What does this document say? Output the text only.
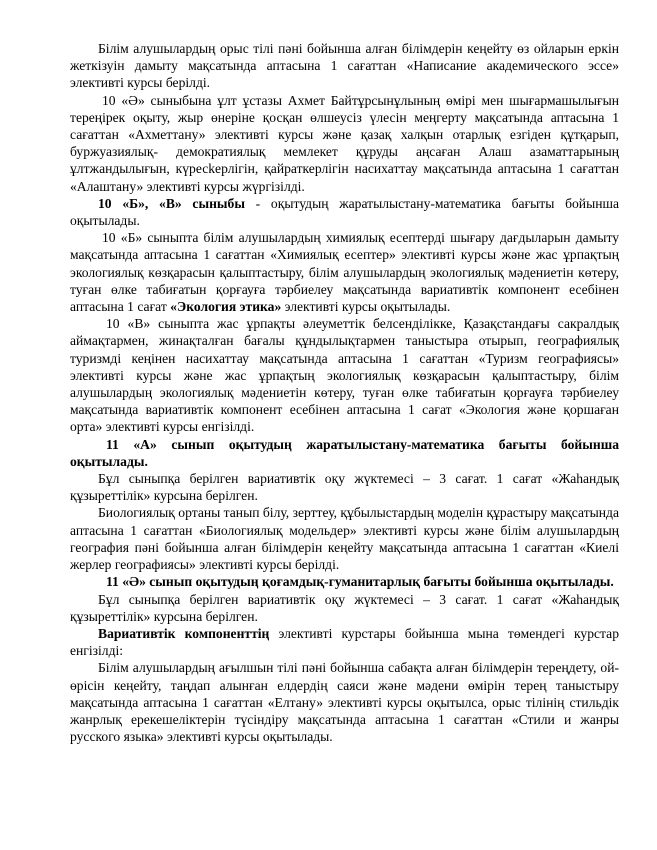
Білім алушылардың орыс тілі пәні бойынша алған білімдерін кеңейту өз ойларын еркін жеткізуін дамыту мақсатында аптасына 1 сағаттан «Написание академического эссе» элективті курсы берілді.

10 «Ә» сыныбына ұлт ұстазы Ахмет Байтұрсынұлының өмірі мен шығармашылығын тереңірек оқыту, жыр өнеріне қосқан өлшеусіз үлесін меңгерту мақсатында аптасына 1 сағаттан «Ахметтану» элективті курсы және қазақ халқын отарлық езгіден құтқарып, буржуазиялық- демократиялық мемлекет құруды аңсаған Алаш азаматтарының ұлтжандылығын, күресkерлігін, қайраткерлігін насихаттау мақсатында аптасына 1 сағаттан «Алаштану» элективті курсы жүргізілді.

10 «Б», «В» сыныбы - оқытудың жаратылыстану-математика бағыты бойынша оқытылады.

10 «Б» сыныпта білім алушылардың химиялық есептерді шығару дағдыларын дамыту мақсатында аптасына 1 сағаттан «Химиялық есептер» элективті курсы және жас ұрпақтың экологиялық көзқарасын қалыптастыру, білім алушылардың экологиялық мәдениетін көтеру, туған өлке табиғатын қорғауға тәрбиелеу мақсатында вариативтік компонент есебінен аптасына 1 сағат «Экология этика» элективті курсы оқытылады.

10 «В» сыныпта жас ұрпақты әлеуметтік белсенділікке, Қазақстандағы сакралдық аймақтармен, жинақталған бағалы құндылықтармен таныстыра отырып, географиялық туризмді кеңінен насихаттау мақсатында аптасына 1 сағаттан «Туризм географиясы» элективті курсы және жас ұрпақтың экологиялық көзқарасын қалыптастыру, білім алушылардың экологиялық мәдениетін көтеру, туған өлке табиғатын қорғауға тәрбиелеу мақсатында вариативтік компонент есебінен аптасына 1 сағат «Экология және қоршаған орта» элективті курсы енгізілді.

11 «А» сынып оқытудың жаратылыстану-математика бағыты бойынша оқытылады.

Бұл сыныпқа берілген вариативтік оқу жүктемесі – 3 сағат. 1 сағат «Жаһандық құзыреттілік» курсына берілген.

Биологиялық ортаны танып білу, зерттеу, құбылыстардың моделін құрастыру мақсатында аптасына 1 сағаттан «Биологиялық модельдер» элективті курсы және білім алушылардың география пәні бойынша алған білімдерін кеңейту мақсатында аптасына 1 сағаттан «Киелі жерлер географиясы» элективті курсы берілді.

11 «Ә» сынып оқытудың қоғамдық-гуманитарлық бағыты бойынша оқытылады.

Бұл сыныпқа берілген вариативтік оқу жүктемесі – 3 сағат. 1 сағат «Жаһандық құзыреттілік» курсына берілген.

Вариативтік компоненттің элективті курстары бойынша мына төмендегі курстар енгізілді:

Білім алушылардың ағылшын тілі пәні бойынша сабақта алған білімдерін тереңдету, ой-өрісін кеңейту, таңдап алынған елдердің саяси және мәдени өмірін терең таныстыру мақсатында аптасына 1 сағаттан «Елтану» элективті курсы оқытылса, орыс тілінің стильдік жанрлық ерекешеліктерін түсіндіру мақсатында аптасына 1 сағаттан «Стили и жанры русского языка» элективті курсы оқытылады.
